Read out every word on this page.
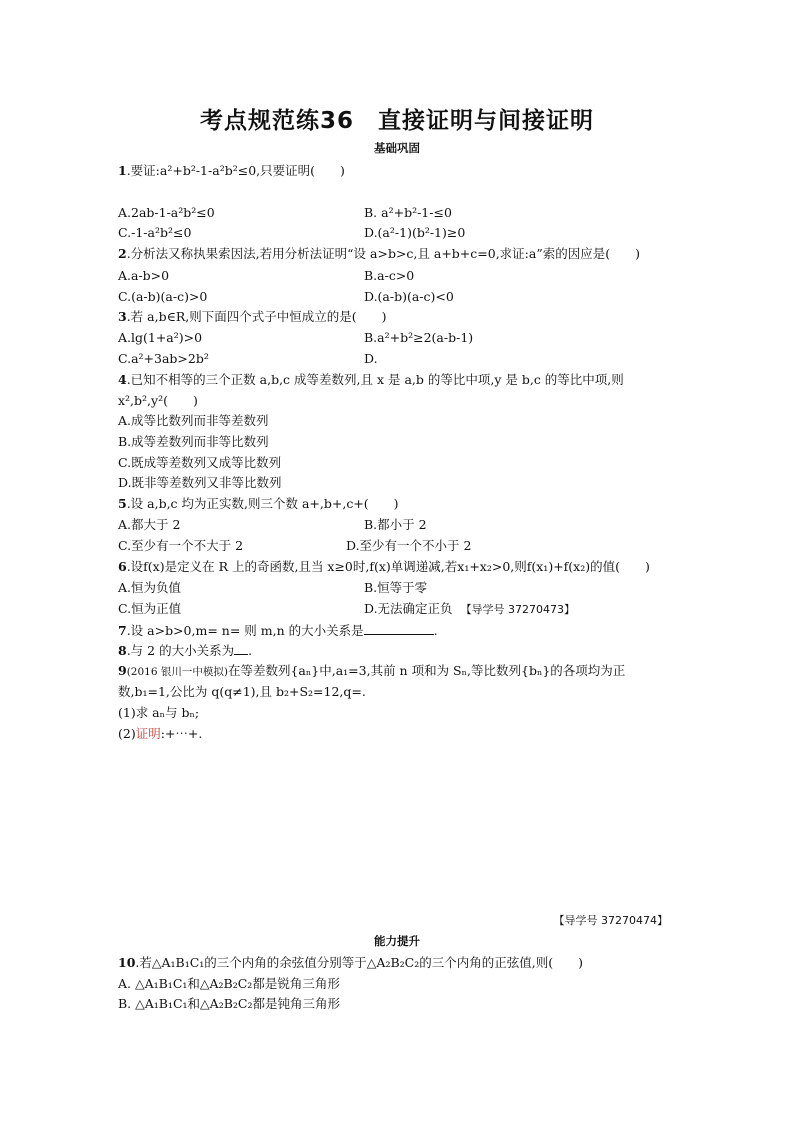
考点规范练36　直接证明与间接证明
基础巩固
1.要证:a²+b²-1-a²b²≤0,只要证明(　　)
A.2ab-1-a²b²≤0	B. a²+b²-1-≤0
C.-1-a²b²≤0	D.(a²-1)(b²-1)≥0
2.分析法又称执果索因法,若用分析法证明“设 a>b>c,且 a+b+c=0,求证:a”索的因应是(　　)
A.a-b>0	B.a-c>0
C.(a-b)(a-c)>0	D.(a-b)(a-c)<0
3.若 a,b∈R,则下面四个式子中恒成立的是(　　)
A.lg(1+a²)>0	B.a²+b²≥2(a-b-1)
C.a²+3ab>2b²	D.
4.已知不相等的三个正数 a,b,c 成等差数列,且 x 是 a,b 的等比中项,y 是 b,c 的等比中项,则
x²,b²,y²(　　)
A.成等比数列而非等差数列
B.成等差数列而非等比数列
C.既成等差数列又成等比数列
D.既非等差数列又非等比数列
5.设 a,b,c 均为正实数,则三个数 a+,b+,c+(　　)
A.都大于 2	B.都小于 2
C.至少有一个不大于 2	D.至少有一个不小于 2
6.设f(x)是定义在 R 上的奇函数,且当 x≥0时,f(x)单调递减,若x₁+x₂>0,则f(x₁)+f(x₂)的值(　　)
A.恒为负值	B.恒等于零
C.恒为正值	D.无法确定正负 【导学号 37270473】
7.设 a>b>0,m= n= 则 m,n 的大小关系是	.
8.与 2 的大小关系为 .
9(2016 银川一中模拟)在等差数列{aₙ}中,a₁=3,其前 n 项和为 Sₙ,等比数列{bₙ}的各项均为正
数,b₁=1,公比为 q(q≠1),且 b₂+S₂=12,q=.
(1)求 aₙ与 bₙ;
(2)证明:+⋯+.
【导学号 37270474】
能力提升
10.若△A₁B₁C₁的三个内角的余弦值分别等于△A₂B₂C₂的三个内角的正弦值,则(　　)
A. △A₁B₁C₁和△A₂B₂C₂都是锐角三角形
B. △A₁B₁C₁和△A₂B₂C₂都是钝角三角形
